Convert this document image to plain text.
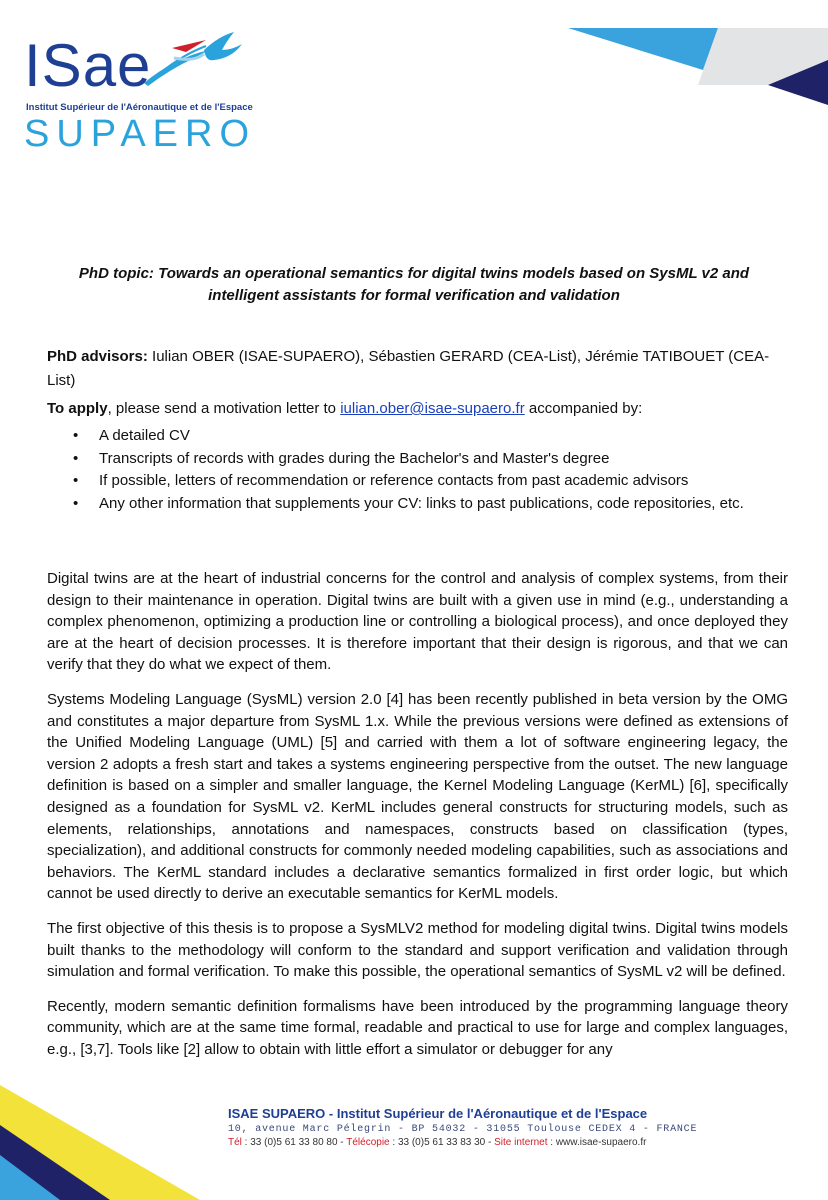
ISae
Institut Supérieur de l'Aéronautique et de l'Espace
SUPAERO
PhD topic: Towards an operational semantics for digital twins models based on SysML v2 and
intelligent assistants for formal verification and validation

PhD advisors: Iulian OBER (ISAE-SUPAERO), Sébastien GERARD (CEA-List), Jérémie TATIBOUET (CEA-List)

To apply, please send a motivation letter to iulian.ober@isae-supaero.fr accompanied by:

• A detailed CV
• Transcripts of records with grades during the Bachelor's and Master's degree
• If possible, letters of recommendation or reference contacts from past academic advisors
• Any other information that supplements your CV: links to past publications, code repositories, etc.

Digital twins are at the heart of industrial concerns for the control and analysis of complex systems, from their design to their maintenance in operation. Digital twins are built with a given use in mind (e.g., understanding a complex phenomenon, optimizing a production line or controlling a biological process), and once deployed they are at the heart of decision processes. It is therefore important that their design is rigorous, and that we can verify that they do what we expect of them.

Systems Modeling Language (SysML) version 2.0 [4] has been recently published in beta version by the OMG and constitutes a major departure from SysML 1.x. While the previous versions were defined as extensions of the Unified Modeling Language (UML) [5] and carried with them a lot of software engineering legacy, the version 2 adopts a fresh start and takes a systems engineering perspective from the outset. The new language definition is based on a simpler and smaller language, the Kernel Modeling Language (KerML) [6], specifically designed as a foundation for SysML v2. KerML includes general constructs for structuring models, such as elements, relationships, annotations and namespaces, constructs based on classification (types, specialization), and additional constructs for commonly needed modeling capabilities, such as associations and behaviors. The KerML standard includes a declarative semantics formalized in first order logic, but which cannot be used directly to derive an executable semantics for KerML models.

The first objective of this thesis is to propose a SysMLV2 method for modeling digital twins. Digital twins models built thanks to the methodology will conform to the standard and support verification and validation through simulation and formal verification. To make this possible, the operational semantics of SysML v2 will be defined.

Recently, modern semantic definition formalisms have been introduced by the programming language theory community, which are at the same time formal, readable and practical to use for large and complex languages, e.g., [3,7]. Tools like [2] allow to obtain with little effort a simulator or debugger for any

ISAE SUPAERO - Institut Supérieur de l'Aéronautique et de l'Espace
10, avenue Marc Pélegrin - BP 54032 - 31055 Toulouse CEDEX 4 - FRANCE
Tél : 33 (0)5 61 33 80 80 - Télécopie : 33 (0)5 61 33 83 30 - Site internet : www.isae-supaero.fr
